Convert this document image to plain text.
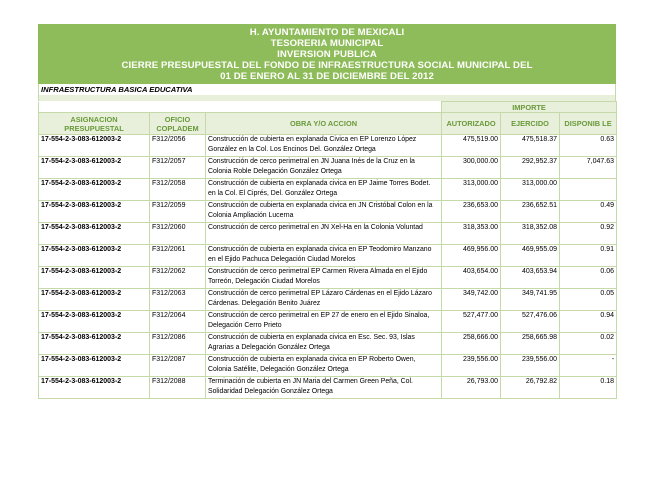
H. AYUNTAMIENTO DE MEXICALI
TESORERIA MUNICIPAL
INVERSION PUBLICA
CIERRE PRESUPUESTAL DEL FONDO DE INFRAESTRUCTURA SOCIAL MUNICIPAL DEL
01 DE ENERO AL 31 DE DICIEMBRE DEL 2012
INFRAESTRUCTURA BASICA EDUCATIVA
			IMPORTE		
ASIGNACION PRESUPUESTAL	OFICIO COPLADEM	OBRA Y/O ACCION	AUTORIZADO	EJERCIDO	DISPONIB LE
17-554-2-3-083-612003-2	F312/2056	Construcción de cubierta en explanada Civica en EP Lorenzo López González en la Col. Los Encinos Del. González Ortega	475,519.00	475,518.37	0.63
17-554-2-3-083-612003-2	F312/2057	Construcción de cerco perimetral en JN Juana Inés de la Cruz en la Colonia Roble Delegación González Ortega	300,000.00	292,952.37	7,047.63
17-554-2-3-083-612003-2	F312/2058	Construcción de cubierta en explanada civica en EP Jaime Torres Bodet. en la Col. El Ciprés, Del. González Ortega	313,000.00	313,000.00	
17-554-2-3-083-612003-2	F312/2059	Construcción de cubierta en explanada civica en JN Cristóbal Colon en la Colonia Ampliación Lucerna	236,653.00	236,652.51	0.49
17-554-2-3-083-612003-2	F312/2060	Construcción de cerco perimetral en JN Xel-Ha en la Colonia Voluntad	318,353.00	318,352.08	0.92
17-554-2-3-083-612003-2	F312/2061	Construcción de cubierta en explanada civica en EP Teodomiro Manzano en el Ejido Pachuca Delegación Ciudad Morelos	469,956.00	469,955.09	0.91
17-554-2-3-083-612003-2	F312/2062	Construcción de cerco perimetral EP Carmen Rivera Almada en el Ejido Torreón, Delegación Ciudad Morelos	403,654.00	403,653.94	0.06
17-554-2-3-083-612003-2	F312/2063	Construcción de cerco perimetral EP Lázaro Cárdenas en el Ejido Lázaro Cárdenas. Delegación Benito Juárez	349,742.00	349,741.95	0.05
17-554-2-3-083-612003-2	F312/2064	Construcción de cerco perimetral en EP 27 de enero en el Ejido Sinaloa, Delegación Cerro Prieto	527,477.00	527,476.06	0.94
17-554-2-3-083-612003-2	F312/2086	Construcción de cubierta en explanada civica en Esc. Sec. 93, Islas Agrarias a Delegación González Ortega	258,666.00	258,665.98	0.02
17-554-2-3-083-612003-2	F312/2087	Construcción de cubierta en explanada civica en EP Roberto Owen, Colonia Satélite, Delegación González Ortega	239,556.00	239,556.00	-
17-554-2-3-083-612003-2	F312/2088	Terminación de cubierta en JN Maria del Carmen Green Peña, Col. Solidaridad Delegación González Ortega	26,793.00	26,792.82	0.18
